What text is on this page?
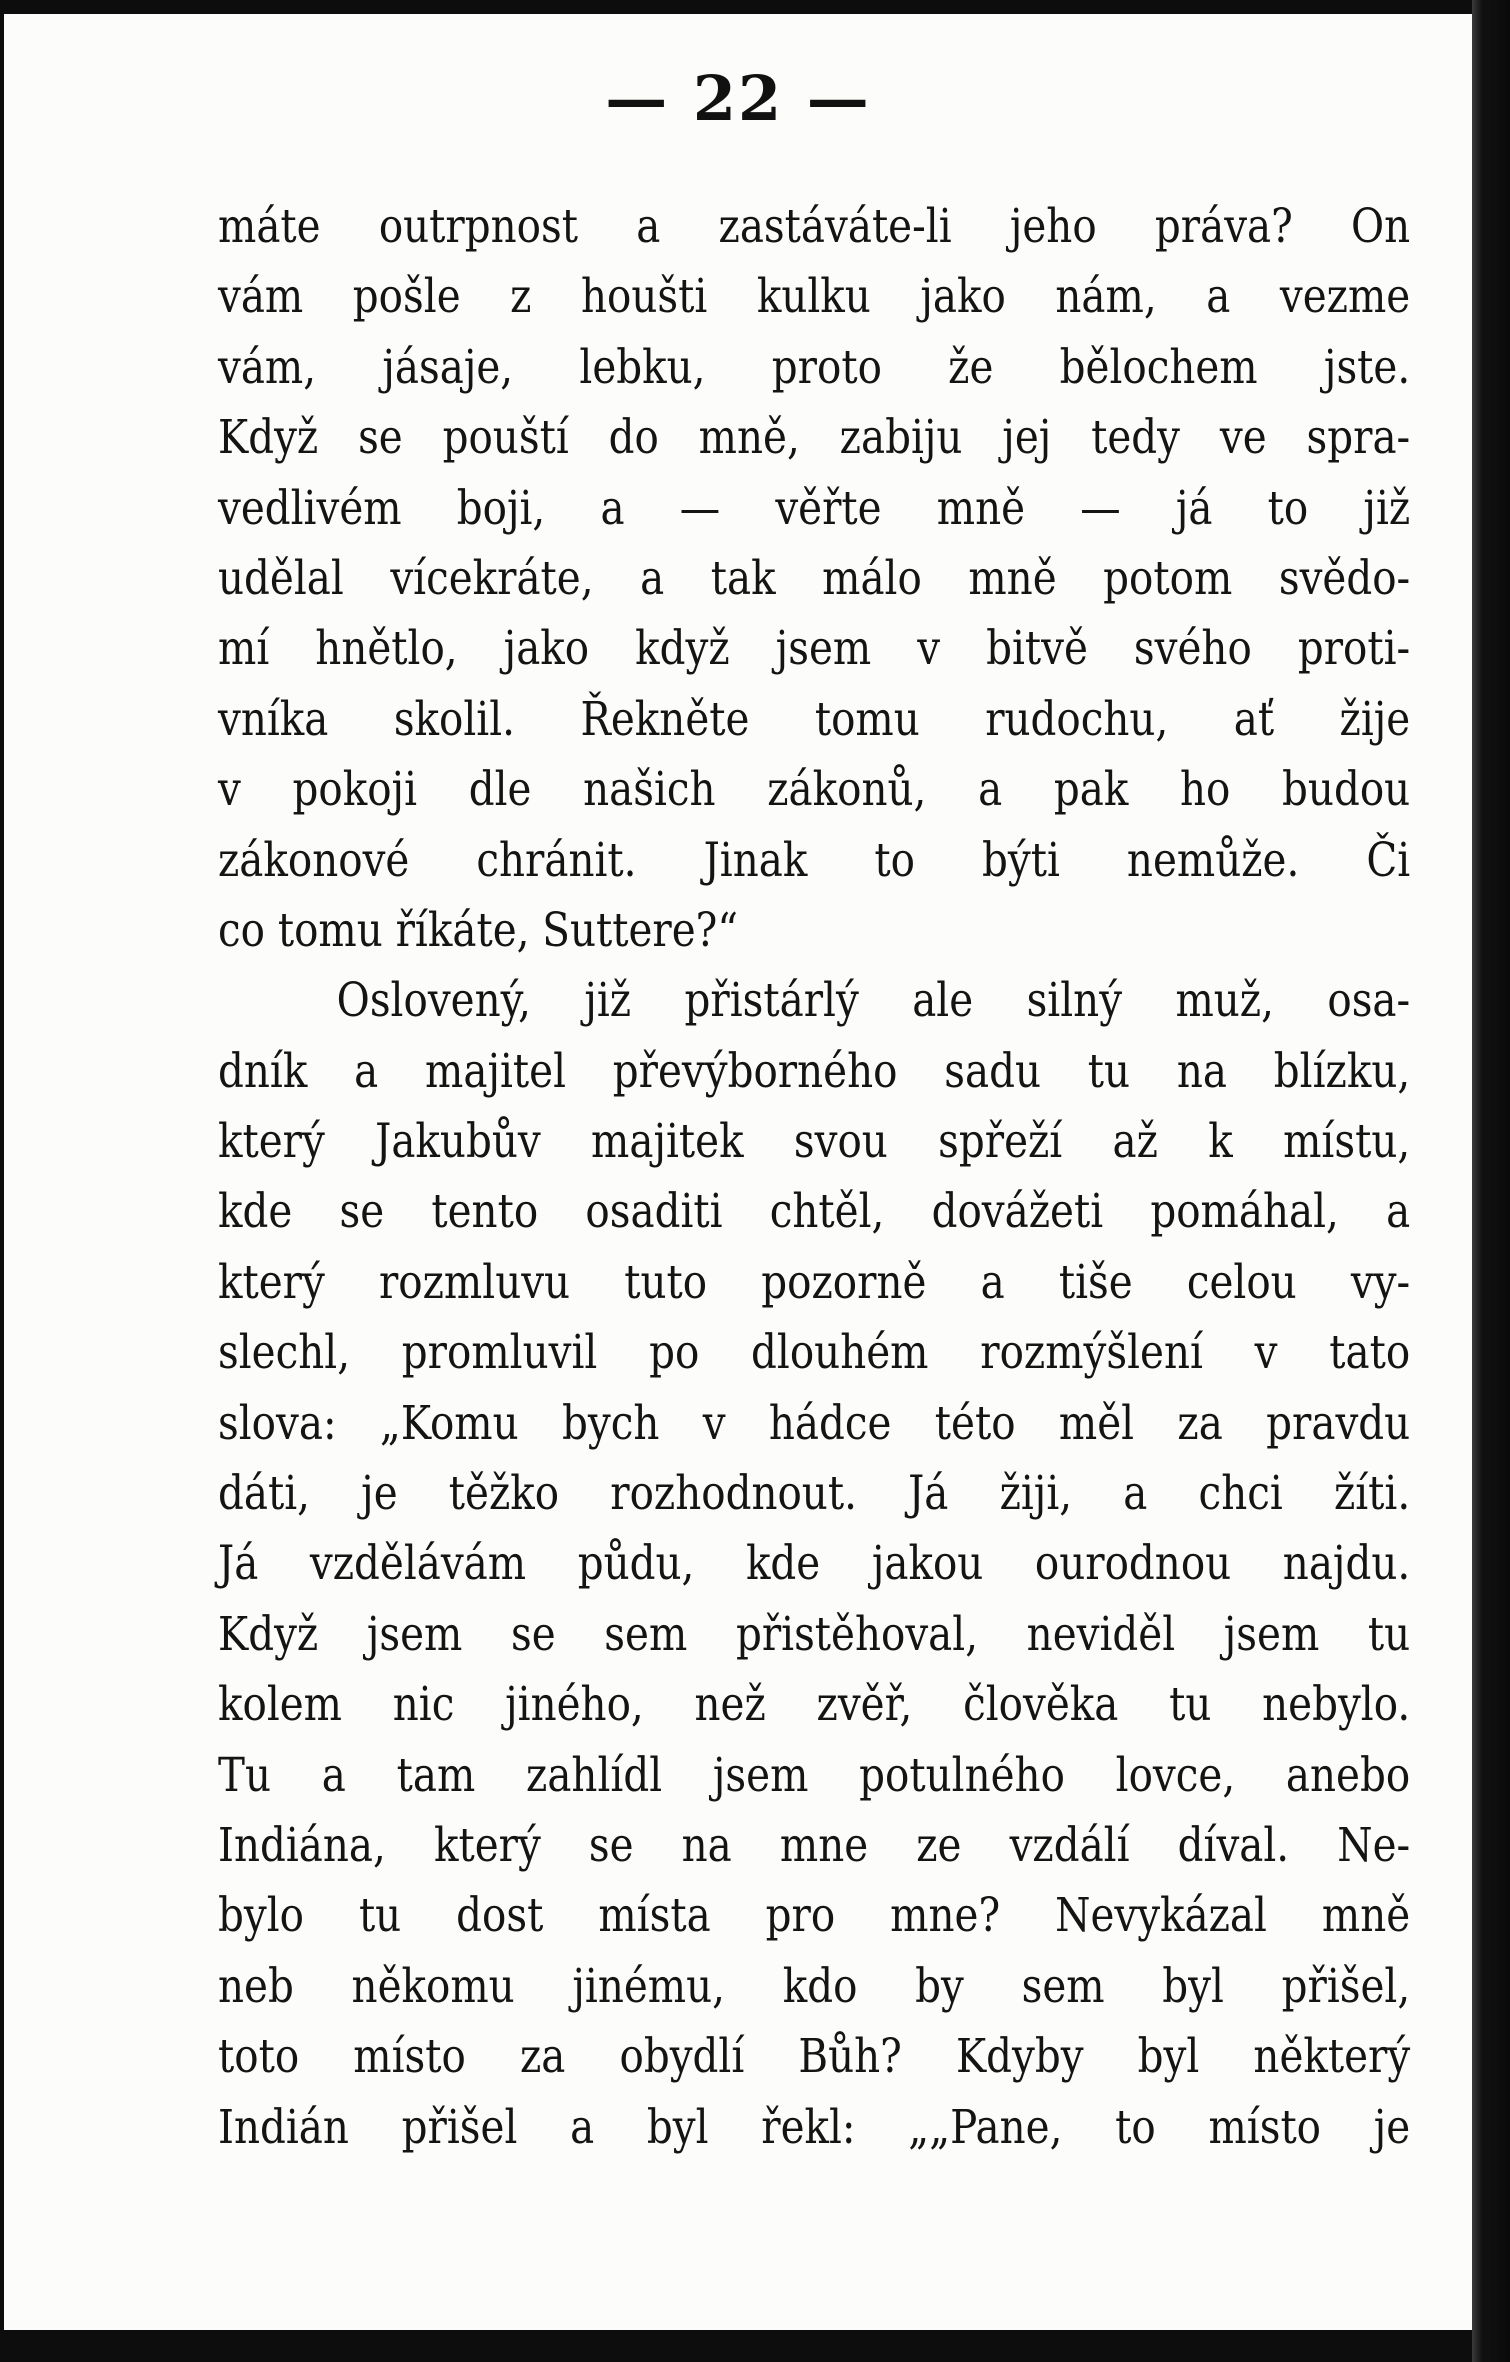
— 22 —
máte outrpnost a zastáváte-li jeho práva? On
vám pošle z houšti kulku jako nám, a vezme
vám, jásaje, lebku, proto že bělochem jste.
Když se pouští do mně, zabiju jej tedy ve spra-
vedlivém boji, a — věřte mně — já to již
udělal vícekráte, a tak málo mně potom svědo-
mí hnětlo, jako když jsem v bitvě svého proti-
vníka skolil. Řekněte tomu rudochu, ať žije
v pokoji dle našich zákonů, a pak ho budou
zákonové chránit. Jinak to býti nemůže. Či
co tomu říkáte, Suttere?“
Oslovený, již přistárlý ale silný muž, osa-
dník a majitel převýborného sadu tu na blízku,
který Jakubův majitek svou spřeží až k místu,
kde se tento osaditi chtěl, dovážeti pomáhal, a
který rozmluvu tuto pozorně a tiše celou vy-
slechl, promluvil po dlouhém rozmýšlení v tato
slova: „Komu bych v hádce této měl za pravdu
dáti, je těžko rozhodnout. Já žiji, a chci žíti.
Já vzdělávám půdu, kde jakou ourodnou najdu.
Když jsem se sem přistěhoval, neviděl jsem tu
kolem nic jiného, než zvěř, člověka tu nebylo.
Tu a tam zahlídl jsem potulného lovce, anebo
Indiána, který se na mne ze vzdálí díval. Ne-
bylo tu dost místa pro mne? Nevykázal mně
neb někomu jinému, kdo by sem byl přišel,
toto místo za obydlí Bůh? Kdyby byl některý
Indián přišel a byl řekl: „„Pane, to místo je
